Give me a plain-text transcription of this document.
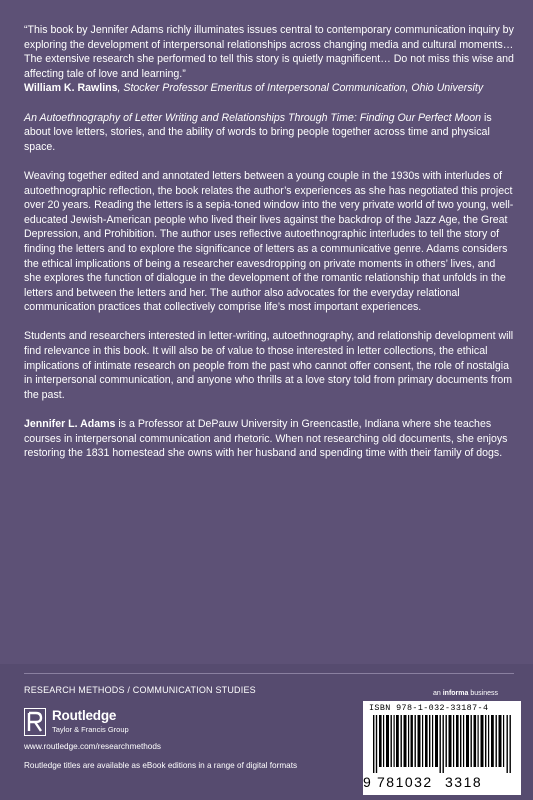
“This book by Jennifer Adams richly illuminates issues central to contemporary communication inquiry by exploring the development of interpersonal relationships across changing media and cultural moments… The extensive research she performed to tell this story is quietly magnificent… Do not miss this wise and affecting tale of love and learning.”
William K. Rawlins, Stocker Professor Emeritus of Interpersonal Communication, Ohio University

An Autoethnography of Letter Writing and Relationships Through Time: Finding Our Perfect Moon is about love letters, stories, and the ability of words to bring people together across time and physical space.

Weaving together edited and annotated letters between a young couple in the 1930s with interludes of autoethnographic reflection, the book relates the author’s experiences as she has negotiated this project over 20 years. Reading the letters is a sepia-toned window into the very private world of two young, well-educated Jewish-American people who lived their lives against the backdrop of the Jazz Age, the Great Depression, and Prohibition. The author uses reflective autoethnographic interludes to tell the story of finding the letters and to explore the significance of letters as a communicative genre. Adams considers the ethical implications of being a researcher eavesdropping on private moments in others’ lives, and she explores the function of dialogue in the development of the romantic relationship that unfolds in the letters and between the letters and her. The author also advocates for the everyday relational communication practices that collectively comprise life’s most important experiences.

Students and researchers interested in letter-writing, autoethnography, and relationship development will find relevance in this book. It will also be of value to those interested in letter collections, the ethical implications of intimate research on people from the past who cannot offer consent, the role of nostalgia in interpersonal communication, and anyone who thrills at a love story told from primary documents from the past.

Jennifer L. Adams is a Professor at DePauw University in Greencastle, Indiana where she teaches courses in interpersonal communication and rhetoric. When not researching old documents, she enjoys restoring the 1831 homestead she owns with her husband and spending time with their family of dogs.

RESEARCH METHODS / COMMUNICATION STUDIES
Routledge
Taylor & Francis Group
www.routledge.com/researchmethods
Routledge titles are available as eBook editions in a range of digital formats
an informa business
ISBN 978-1-032-33187-4
9 781032 3318
